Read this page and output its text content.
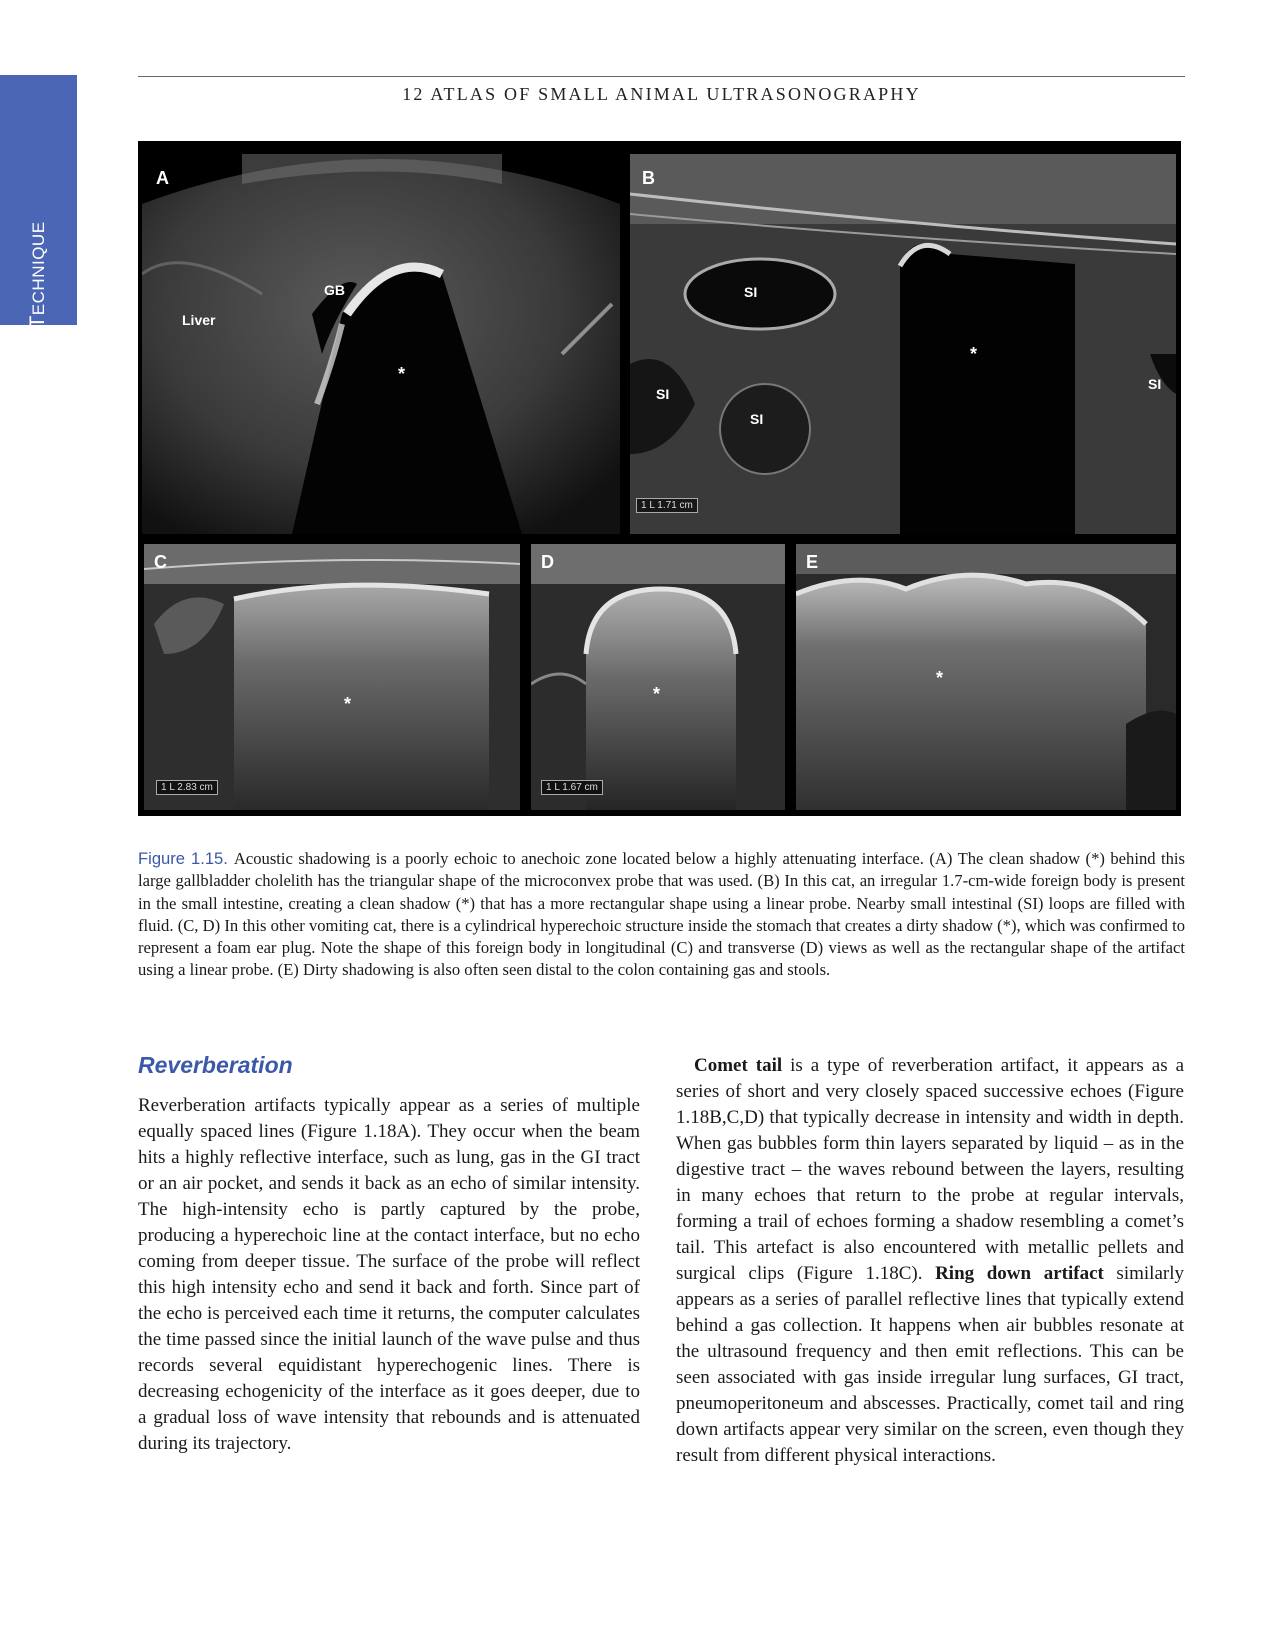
TECHNIQUE
12 ATLAS OF SMALL ANIMAL ULTRASONOGRAPHY
A
GB
Liver
*
B
SI
SI
SI
SI
*
1 L 1.71 cm
C
*
1 L 2.83 cm
D
*
1 L 1.67 cm
E
*
Figure 1.15. Acoustic shadowing is a poorly echoic to anechoic zone located below a highly attenuating interface. (A) The clean shadow (*) behind this large gallbladder cholelith has the triangular shape of the microconvex probe that was used. (B) In this cat, an irregular 1.7-cm-wide foreign body is present in the small intestine, creating a clean shadow (*) that has a more rectangular shape using a linear probe. Nearby small intestinal (SI) loops are filled with fluid. (C, D) In this other vomiting cat, there is a cylindrical hyperechoic structure inside the stomach that creates a dirty shadow (*), which was confirmed to represent a foam ear plug. Note the shape of this foreign body in longitudinal (C) and transverse (D) views as well as the rectangular shape of the artifact using a linear probe. (E) Dirty shadowing is also often seen distal to the colon containing gas and stools.
Reverberation
Reverberation artifacts typically appear as a series of multiple equally spaced lines (Figure 1.18A). They occur when the beam hits a highly reflective interface, such as lung, gas in the GI tract or an air pocket, and sends it back as an echo of similar intensity. The high-intensity echo is partly captured by the probe, producing a hyperechoic line at the contact interface, but no echo coming from deeper tissue. The surface of the probe will reflect this high intensity echo and send it back and forth. Since part of the echo is perceived each time it returns, the computer calculates the time passed since the initial launch of the wave pulse and thus records several equidistant hyperechogenic lines. There is decreasing echogenicity of the interface as it goes deeper, due to a gradual loss of wave intensity that rebounds and is attenuated during its trajectory.
Comet tail is a type of reverberation artifact, it appears as a series of short and very closely spaced successive echoes (Figure 1.18B,C,D) that typically decrease in intensity and width in depth. When gas bubbles form thin layers separated by liquid – as in the digestive tract – the waves rebound between the layers, resulting in many echoes that return to the probe at regular intervals, forming a trail of echoes forming a shadow resembling a comet’s tail. This artefact is also encountered with metallic pellets and surgical clips (Figure 1.18C). Ring down artifact similarly appears as a series of parallel reflective lines that typically extend behind a gas collection. It happens when air bubbles resonate at the ultrasound frequency and then emit reflections. This can be seen associated with gas inside irregular lung surfaces, GI tract, pneumoperitoneum and abscesses. Practically, comet tail and ring down artifacts appear very similar on the screen, even though they result from different physical interactions.
